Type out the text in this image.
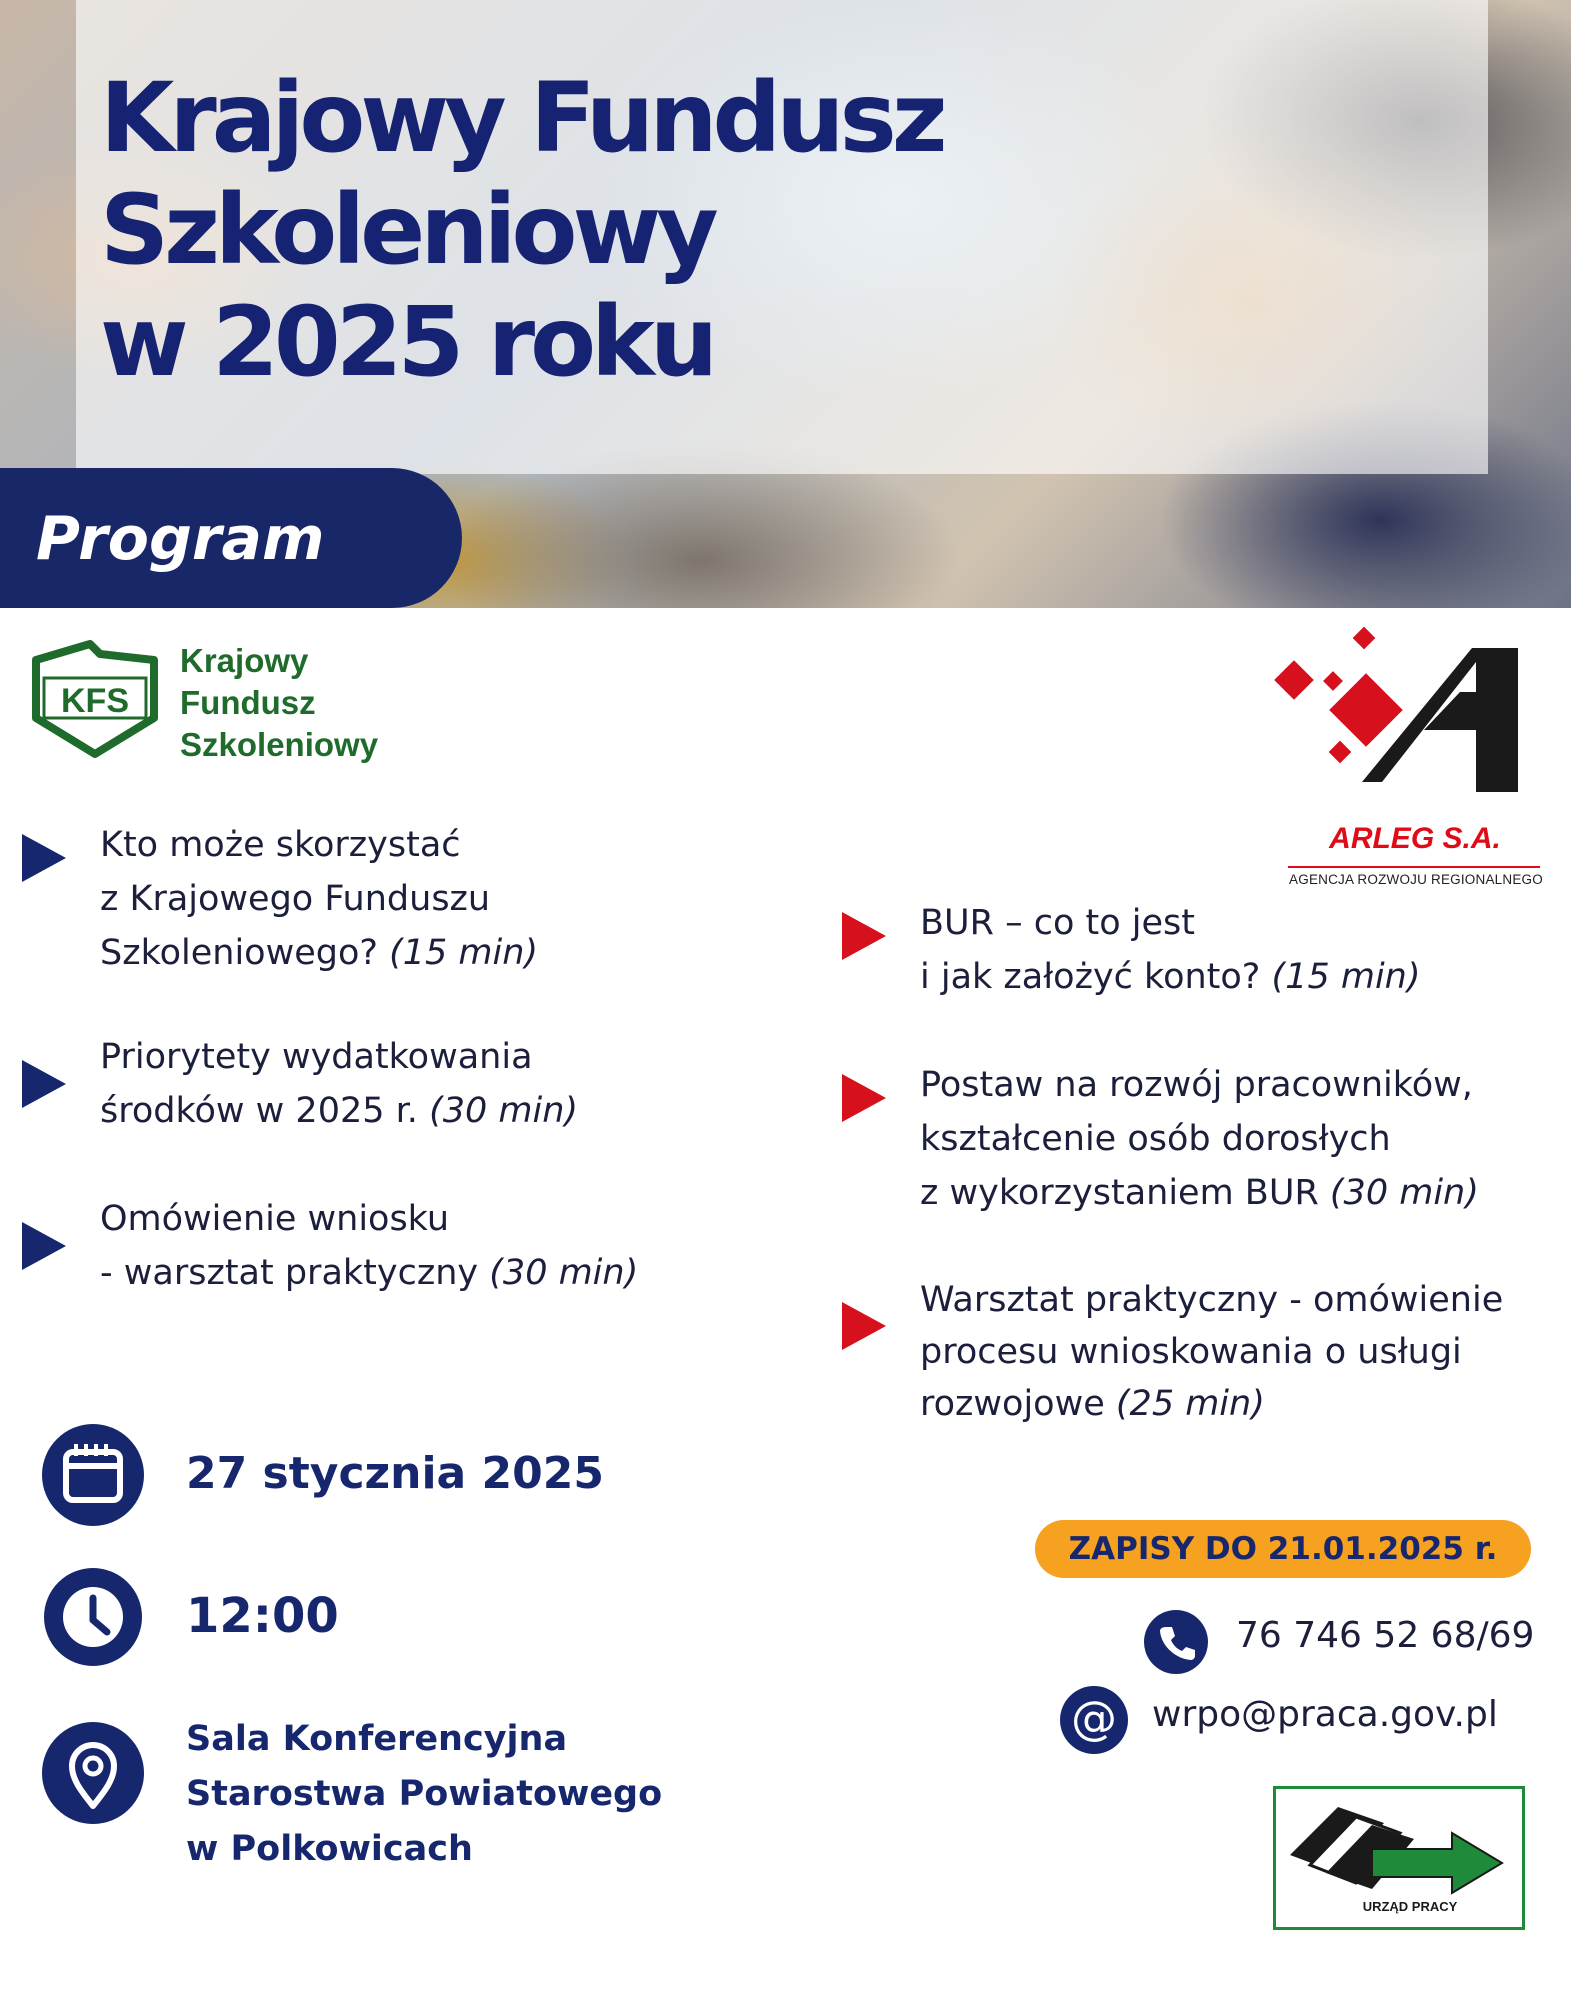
Krajowy Fundusz
Szkoleniowy
w 2025 roku
Program
KFS
Krajowy
Fundusz
Szkoleniowy
ARLEG S.A.
AGENCJA ROZWOJU REGIONALNEGO

Kto może skorzystać
z Krajowego Funduszu
Szkoleniowego? (15 min)

Priorytety wydatkowania
środków w 2025 r. (30 min)

Omówienie wniosku
- warsztat praktyczny (30 min)

BUR – co to jest
i jak założyć konto? (15 min)

Postaw na rozwój pracowników,
kształcenie osób dorosłych
z wykorzystaniem BUR (30 min)

Warsztat praktyczny - omówienie
procesu wnioskowania o usługi
rozwojowe (25 min)

27 stycznia 2025
12:00
Sala Konferencyjna
Starostwa Powiatowego
w Polkowicach
ZAPISY DO 21.01.2025 r.
76 746 52 68/69
@ wrpo@praca.gov.pl
URZĄD PRACY
